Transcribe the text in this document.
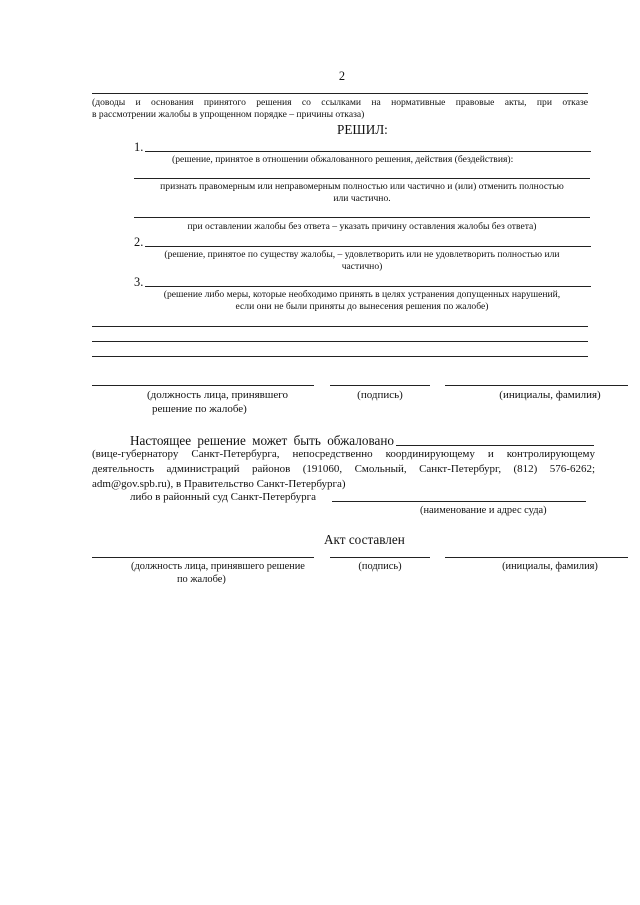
2
(доводы и основания принятого решения со ссылками на нормативные правовые акты, при отказе
в рассмотрении жалобы в упрощенном порядке – причины отказа)
РЕШИЛ:
1.
(решение, принятое в отношении обжалованного решения, действия (бездействия):
признать правомерным или неправомерным полностью или частично и (или) отменить полностью
или частично.
при оставлении жалобы без ответа – указать причину оставления жалобы без ответа)
2.
(решение, принятое по существу жалобы, – удовлетворить или не удовлетворить полностью или
частично)
3.
(решение либо меры, которые необходимо принять в целях устранения допущенных нарушений,
если они не были приняты до вынесения решения по жалобе)
(должность лица, принявшего
решение по жалобе)
(подпись)	(инициалы, фамилия)
Настоящее решение может быть обжаловано
(вице-губернатору Санкт-Петербурга, непосредственно координирующему и контролирующему
деятельность администраций районов (191060, Смольный, Санкт-Петербург, (812) 576-6262;
adm@gov.spb.ru), в Правительство Санкт-Петербурга)
либо в районный суд Санкт-Петербурга
(наименование и адрес суда)
Акт составлен
(должность лица, принявшего решение
по жалобе)
(подпись)	(инициалы, фамилия)
